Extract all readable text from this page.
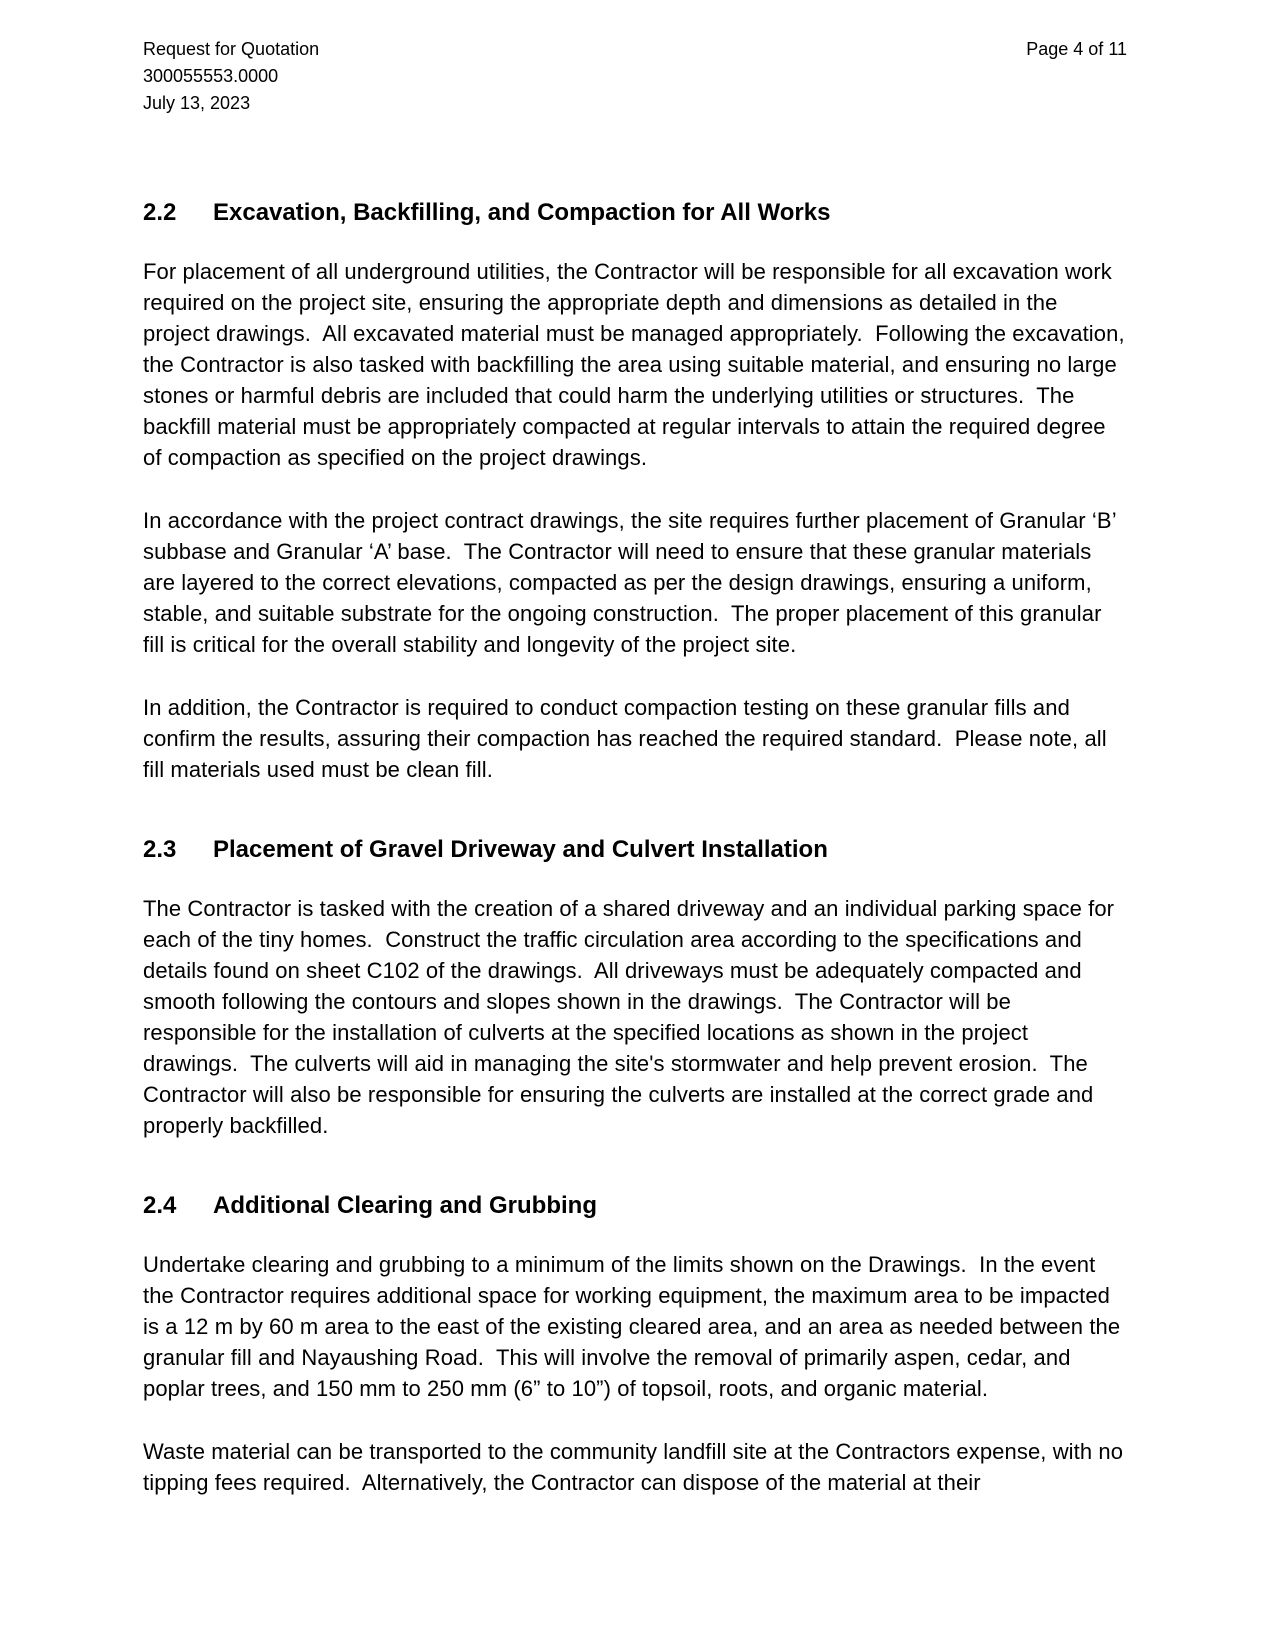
Request for Quotation
300055553.0000
July 13, 2023
Page 4 of 11
2.2	Excavation, Backfilling, and Compaction for All Works

For placement of all underground utilities, the Contractor will be responsible for all excavation work required on the project site, ensuring the appropriate depth and dimensions as detailed in the project drawings.  All excavated material must be managed appropriately.  Following the excavation, the Contractor is also tasked with backfilling the area using suitable material, and ensuring no large stones or harmful debris are included that could harm the underlying utilities or structures.  The backfill material must be appropriately compacted at regular intervals to attain the required degree of compaction as specified on the project drawings.

In accordance with the project contract drawings, the site requires further placement of Granular ‘B’ subbase and Granular ‘A’ base.  The Contractor will need to ensure that these granular materials are layered to the correct elevations, compacted as per the design drawings, ensuring a uniform, stable, and suitable substrate for the ongoing construction.  The proper placement of this granular fill is critical for the overall stability and longevity of the project site.

In addition, the Contractor is required to conduct compaction testing on these granular fills and confirm the results, assuring their compaction has reached the required standard.  Please note, all fill materials used must be clean fill.

2.3	Placement of Gravel Driveway and Culvert Installation

The Contractor is tasked with the creation of a shared driveway and an individual parking space for each of the tiny homes.  Construct the traffic circulation area according to the specifications and details found on sheet C102 of the drawings.  All driveways must be adequately compacted and smooth following the contours and slopes shown in the drawings.  The Contractor will be responsible for the installation of culverts at the specified locations as shown in the project drawings.  The culverts will aid in managing the site's stormwater and help prevent erosion.  The Contractor will also be responsible for ensuring the culverts are installed at the correct grade and properly backfilled.

2.4	Additional Clearing and Grubbing

Undertake clearing and grubbing to a minimum of the limits shown on the Drawings.  In the event the Contractor requires additional space for working equipment, the maximum area to be impacted is a 12 m by 60 m area to the east of the existing cleared area, and an area as needed between the granular fill and Nayaushing Road.  This will involve the removal of primarily aspen, cedar, and poplar trees, and 150 mm to 250 mm (6” to 10”) of topsoil, roots, and organic material.

Waste material can be transported to the community landfill site at the Contractors expense, with no tipping fees required.  Alternatively, the Contractor can dispose of the material at their
